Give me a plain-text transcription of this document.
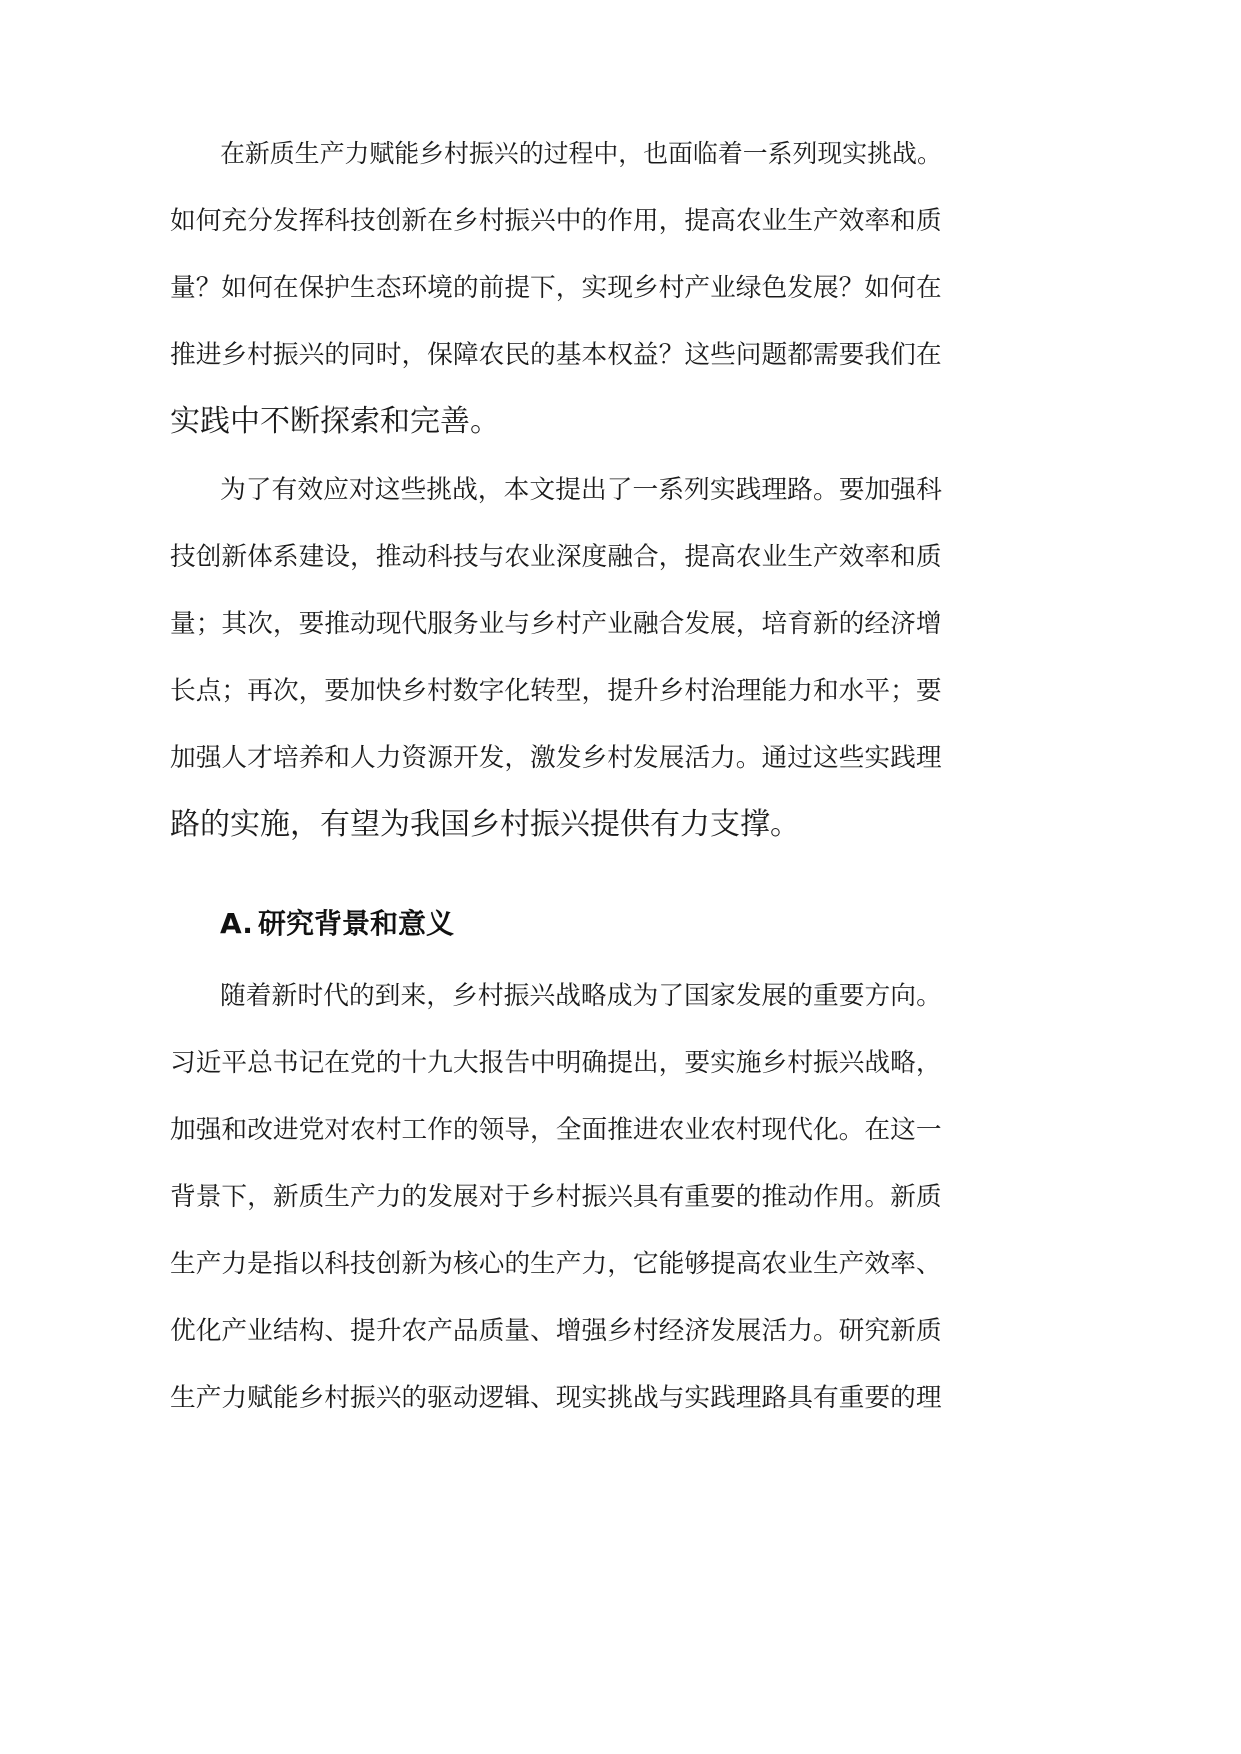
在新质生产力赋能乡村振兴的过程中，也面临着一系列现实挑战。
如何充分发挥科技创新在乡村振兴中的作用，提高农业生产效率和质
量？如何在保护生态环境的前提下，实现乡村产业绿色发展？如何在
推进乡村振兴的同时，保障农民的基本权益？这些问题都需要我们在
实践中不断探索和完善。
为了有效应对这些挑战，本文提出了一系列实践理路。要加强科
技创新体系建设，推动科技与农业深度融合，提高农业生产效率和质
量；其次，要推动现代服务业与乡村产业融合发展，培育新的经济增
长点；再次，要加快乡村数字化转型，提升乡村治理能力和水平；要
加强人才培养和人力资源开发，激发乡村发展活力。通过这些实践理
路的实施，有望为我国乡村振兴提供有力支撑。
A. 研究背景和意义
随着新时代的到来，乡村振兴战略成为了国家发展的重要方向。
习近平总书记在党的十九大报告中明确提出，要实施乡村振兴战略，
加强和改进党对农村工作的领导，全面推进农业农村现代化。在这一
背景下，新质生产力的发展对于乡村振兴具有重要的推动作用。新质
生产力是指以科技创新为核心的生产力，它能够提高农业生产效率、
优化产业结构、提升农产品质量、增强乡村经济发展活力。研究新质
生产力赋能乡村振兴的驱动逻辑、现实挑战与实践理路具有重要的理
